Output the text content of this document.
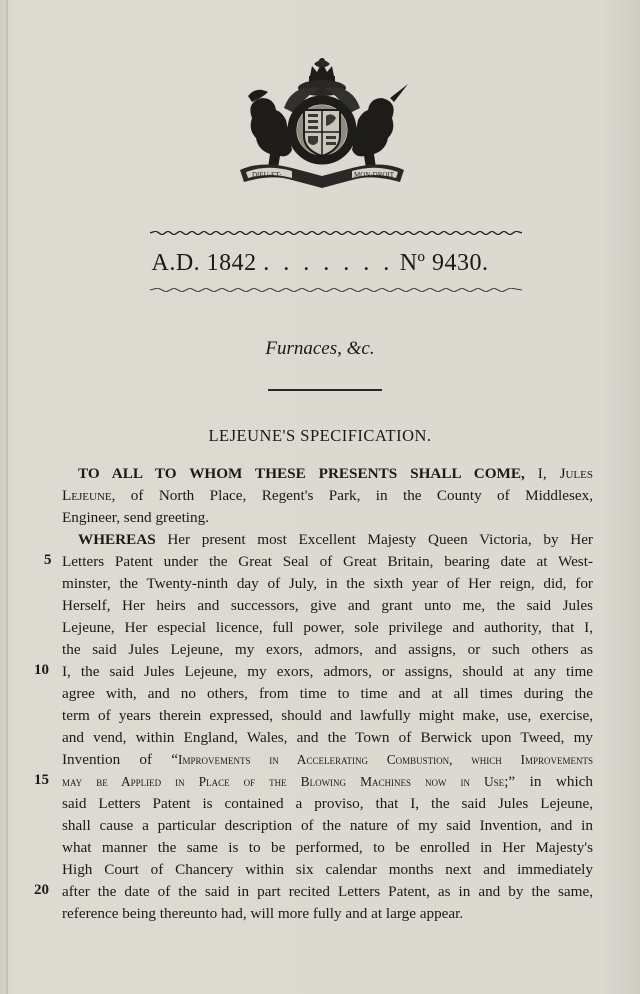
DIEU·ET·	MON·DROIT
A.D. 1842 . . . . . . . Nº 9430.
Furnaces, &c.
LEJEUNE'S SPECIFICATION.
TO ALL TO WHOM THESE PRESENTS SHALL COME, I, Jules
Lejeune, of North Place, Regent's Park, in the County of Middlesex,
Engineer, send greeting.
WHEREAS Her present most Excellent Majesty Queen Victoria, by Her
Letters Patent under the Great Seal of Great Britain, bearing date at West-
minster, the Twenty-ninth day of July, in the sixth year of Her reign, did, for
Herself, Her heirs and successors, give and grant unto me, the said Jules
Lejeune, Her especial licence, full power, sole privilege and authority, that I,
the said Jules Lejeune, my exors, admors, and assigns, or such others as
I, the said Jules Lejeune, my exors, admors, or assigns, should at any time
agree with, and no others, from time to time and at all times during the
term of years therein expressed, should and lawfully might make, use, exercise,
and vend, within England, Wales, and the Town of Berwick upon Tweed, my
Invention of “Improvements in Accelerating Combustion, which Improvements
may be Applied in Place of the Blowing Machines now in Use;” in which
said Letters Patent is contained a proviso, that I, the said Jules Lejeune,
shall cause a particular description of the nature of my said Invention, and in
what manner the same is to be performed, to be enrolled in Her Majesty's
High Court of Chancery within six calendar months next and immediately
after the date of the said in part recited Letters Patent, as in and by the same,
reference being thereunto had, will more fully and at large appear.
5
10
15
20
